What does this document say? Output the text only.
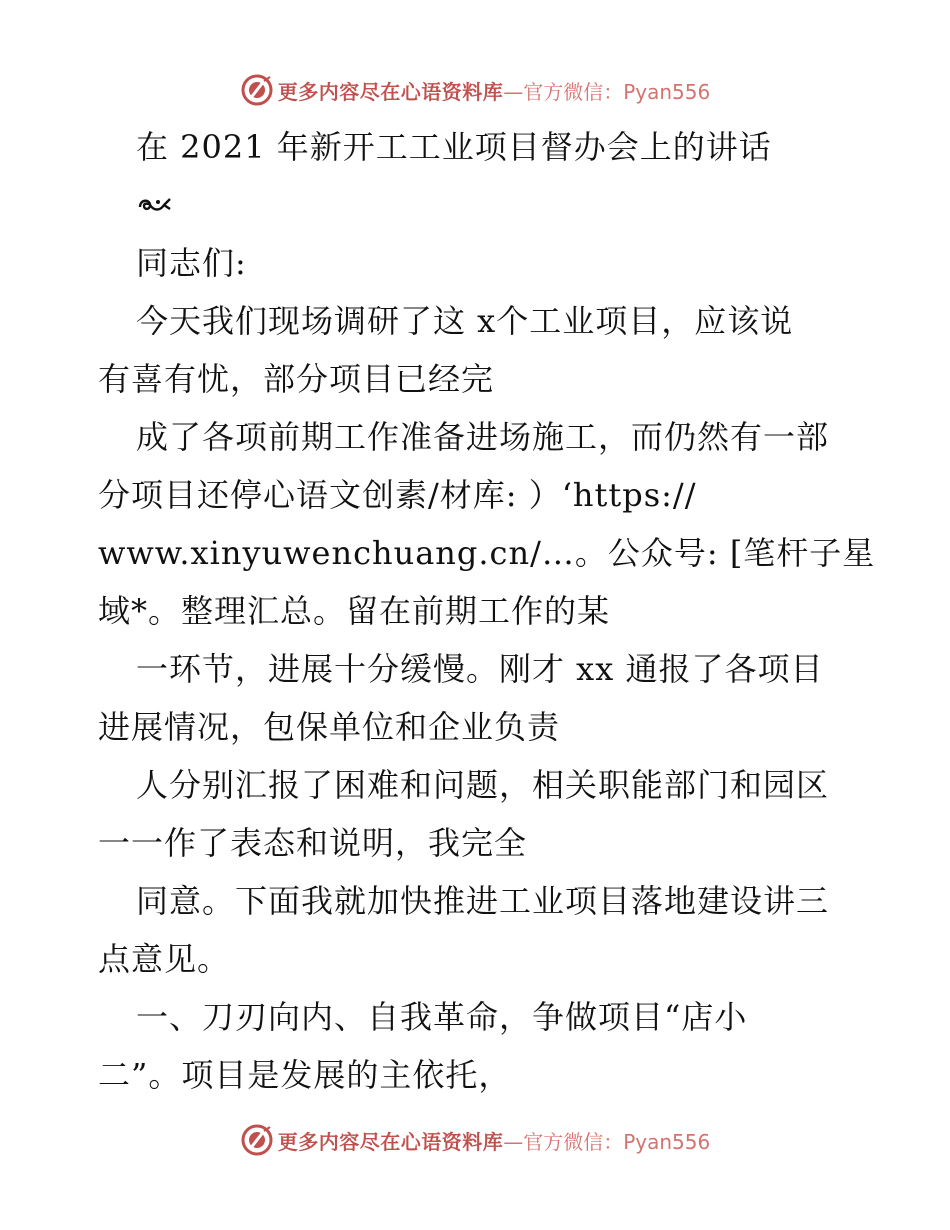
更多内容尽在心语资料库 —官方微信：Pyan556
在 2021 年新开工工业项目督办会上的讲话
同志们:
今天我们现场调研了这 x个工业项目，应该说
有喜有忧，部分项目已经完
成了各项前期工作准备进场施工，而仍然有一部
分项目还停心语文创素/材库: ）‘https://
www.xinyuwenchuang.cn/…。公众号: [笔杆子星
域*。整理汇总。留在前期工作的某
一环节，进展十分缓慢。刚才 xx 通报了各项目
进展情况，包保单位和企业负责
人分别汇报了困难和问题，相关职能部门和园区
一一作了表态和说明，我完全
同意。下面我就加快推进工业项目落地建设讲三
点意见。
一、刀刃向内、自我革命，争做项目“店小
二”。项目是发展的主依托，
更多内容尽在心语资料库 —官方微信：Pyan556
